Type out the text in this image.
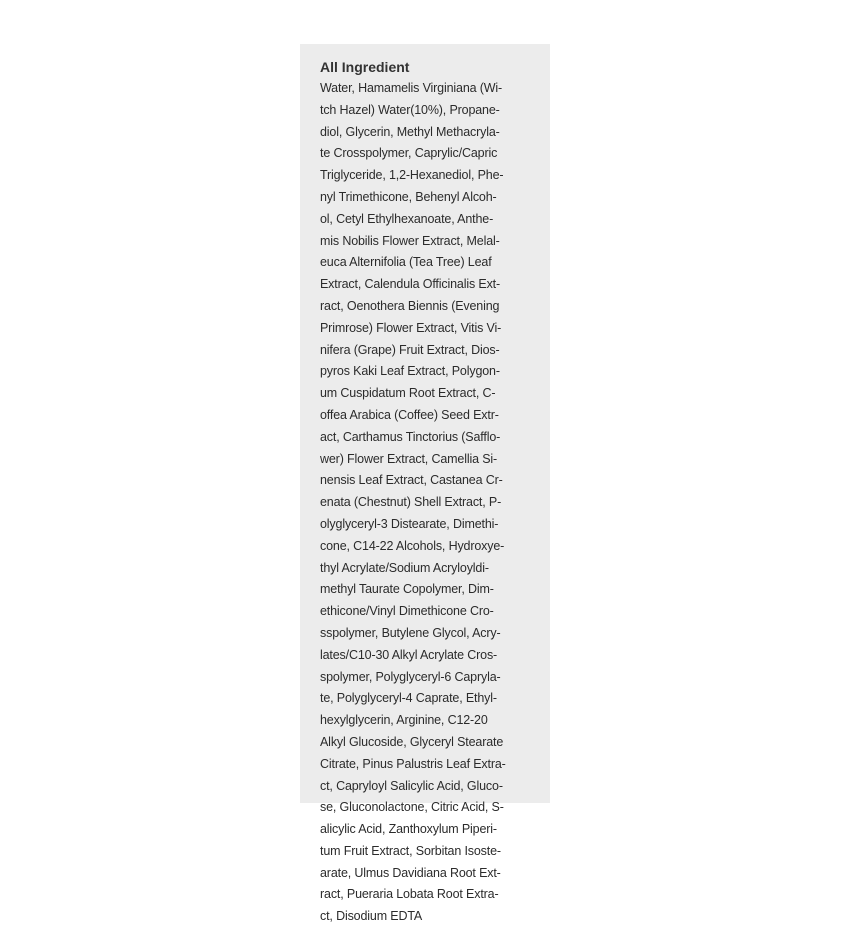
All Ingredient
Water, Hamamelis Virginiana (Wi-
tch Hazel) Water(10%), Propane-
diol, Glycerin, Methyl Methacryla-
te Crosspolymer, Caprylic/Capric
Triglyceride, 1,2-Hexanediol, Phe-
nyl Trimethicone, Behenyl Alcoh-
ol, Cetyl Ethylhexanoate, Anthe-
mis Nobilis Flower Extract, Melal-
euca Alternifolia (Tea Tree) Leaf
Extract, Calendula Officinalis Ext-
ract, Oenothera Biennis (Evening
Primrose) Flower Extract, Vitis Vi-
nifera (Grape) Fruit Extract, Dios-
pyros Kaki Leaf Extract, Polygon-
um Cuspidatum Root Extract, C-
offea Arabica (Coffee) Seed Extr-
act, Carthamus Tinctorius (Safflo-
wer) Flower Extract, Camellia Si-
nensis Leaf Extract, Castanea Cr-
enata (Chestnut) Shell Extract, P-
olyglyceryl-3 Distearate, Dimethi-
cone, C14-22 Alcohols, Hydroxye-
thyl Acrylate/Sodium Acryloyldi-
methyl Taurate Copolymer, Dim-
ethicone/Vinyl Dimethicone Cro-
sspolymer, Butylene Glycol, Acry-
lates/C10-30 Alkyl Acrylate Cros-
spolymer, Polyglyceryl-6 Capryla-
te, Polyglyceryl-4 Caprate, Ethyl-
hexylglycerin, Arginine, C12-20
Alkyl Glucoside, Glyceryl Stearate
Citrate, Pinus Palustris Leaf Extra-
ct, Capryloyl Salicylic Acid, Gluco-
se, Gluconolactone, Citric Acid, S-
alicylic Acid, Zanthoxylum Piperi-
tum Fruit Extract, Sorbitan Isoste-
arate, Ulmus Davidiana Root Ext-
ract, Pueraria Lobata Root Extra-
ct, Disodium EDTA
